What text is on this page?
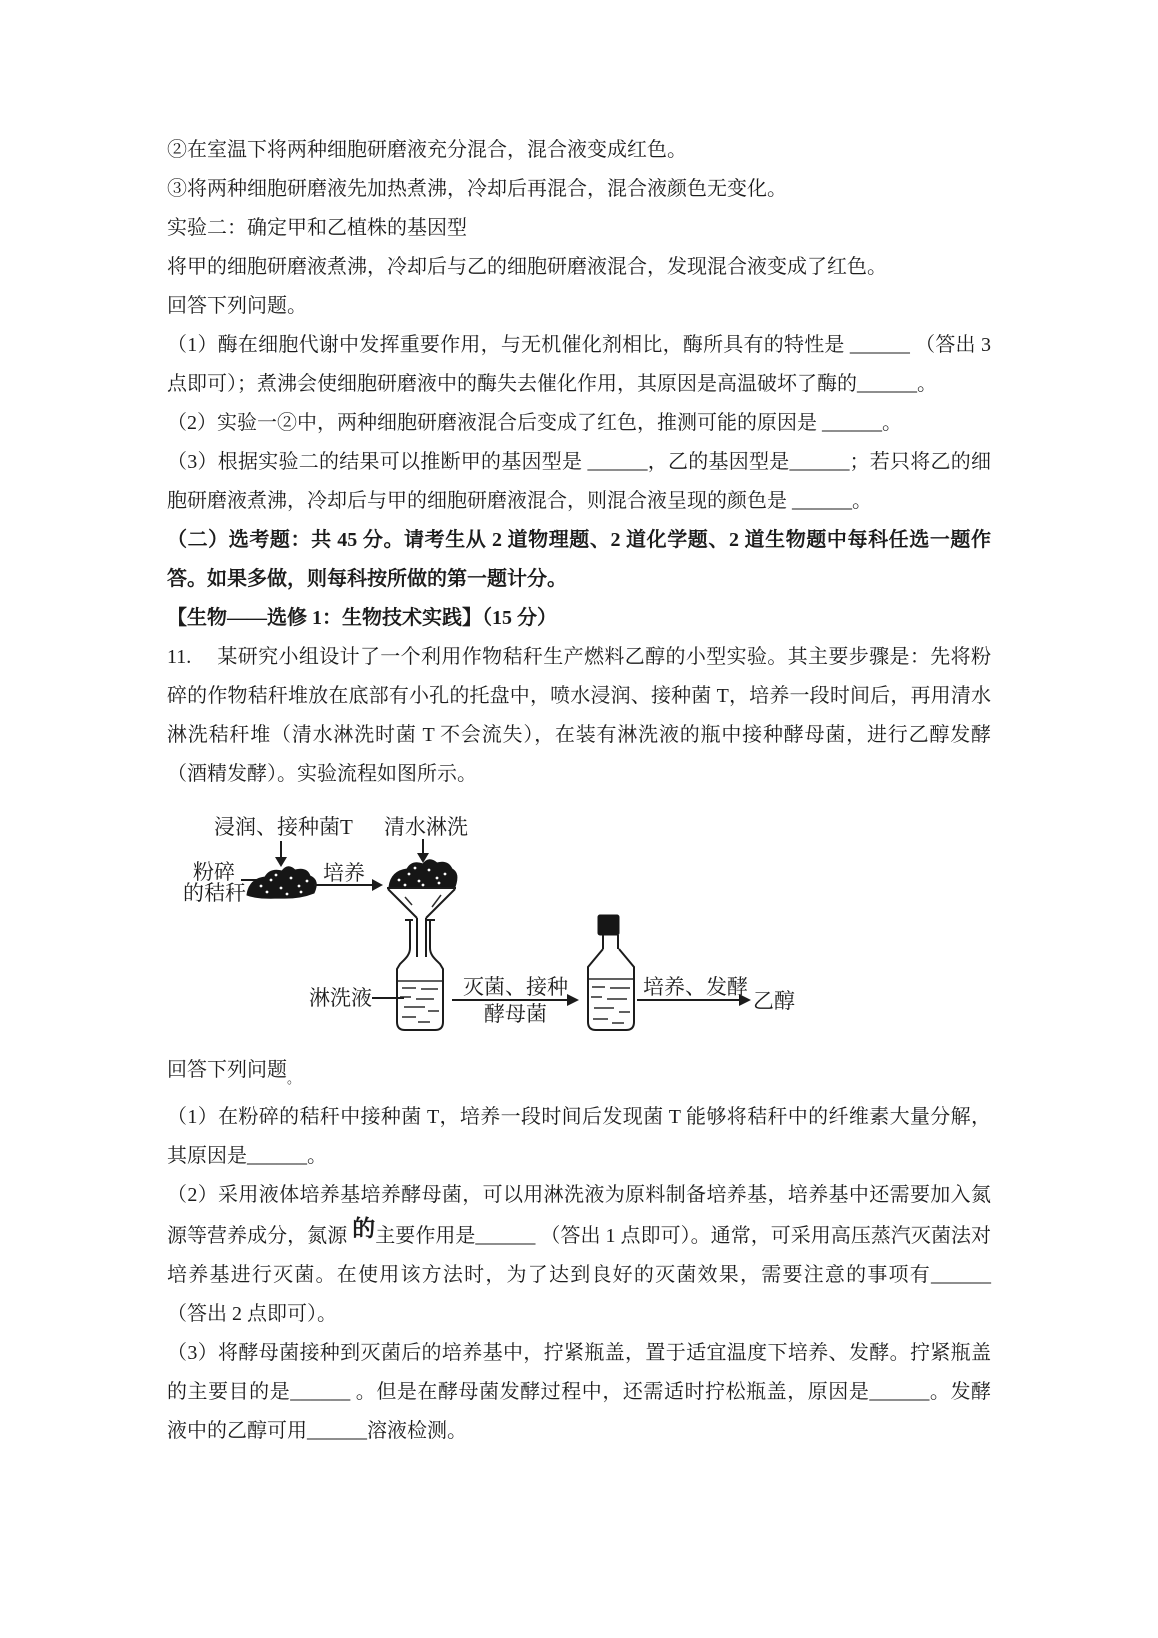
②在室温下将两种细胞研磨液充分混合，混合液变成红色。

③将两种细胞研磨液先加热煮沸，冷却后再混合，混合液颜色无变化。

实验二：确定甲和乙植株的基因型

将甲的细胞研磨液煮沸，冷却后与乙的细胞研磨液混合，发现混合液变成了红色。

回答下列问题。

（1）酶在细胞代谢中发挥重要作用，与无机催化剂相比，酶所具有的特性是 ______ （答出 3 点即可）；煮沸会使细胞研磨液中的酶失去催化作用，其原因是高温破坏了酶的______。

（2）实验一②中，两种细胞研磨液混合后变成了红色，推测可能的原因是 ______。

（3）根据实验二的结果可以推断甲的基因型是 ______，乙的基因型是______；若只将乙的细胞研磨液煮沸，冷却后与甲的细胞研磨液混合，则混合液呈现的颜色是 ______。

（二）选考题：共 45 分。请考生从 2 道物理题、2 道化学题、2 道生物题中每科任选一题作答。如果多做，则每科按所做的第一题计分。

【生物——选修 1：生物技术实践】（15 分）

11.　 某研究小组设计了一个利用作物秸秆生产燃料乙醇的小型实验。其主要步骤是：先将粉碎的作物秸秆堆放在底部有小孔的托盘中，喷水浸润、接种菌 T，培养一段时间后，再用清水淋洗秸秆堆（清水淋洗时菌 T 不会流失），在装有淋洗液的瓶中接种酵母菌，进行乙醇发酵（酒精发酵）。实验流程如图所示。

浸润、接种菌T 清水淋洗
粉碎
的秸秆
培养
淋洗液	灭菌、接种
酵母菌
培养、发酵
乙醇

回答下列问题$_。$

（1）在粉碎的秸秆中接种菌 T，培养一段时间后发现菌 T 能够将秸秆中的纤维素大量分解，其原因是______。

（2）采用液体培养基培养酵母菌，可以用淋洗液为原料制备培养基，培养基中还需要加入氮源等营养成分，氮源 的主要作用是______ （答出 1 点即可）。通常，可采用高压蒸汽灭菌法对培养基进行灭菌。在使用该方法时，为了达到良好的灭菌效果，需要注意的事项有______ （答出 2 点即可）。

（3）将酵母菌接种到灭菌后的培养基中，拧紧瓶盖，置于适宜温度下培养、发酵。拧紧瓶盖的主要目的是______ 。但是在酵母菌发酵过程中，还需适时拧松瓶盖，原因是______。发酵液中的乙醇可用______溶液检测。
